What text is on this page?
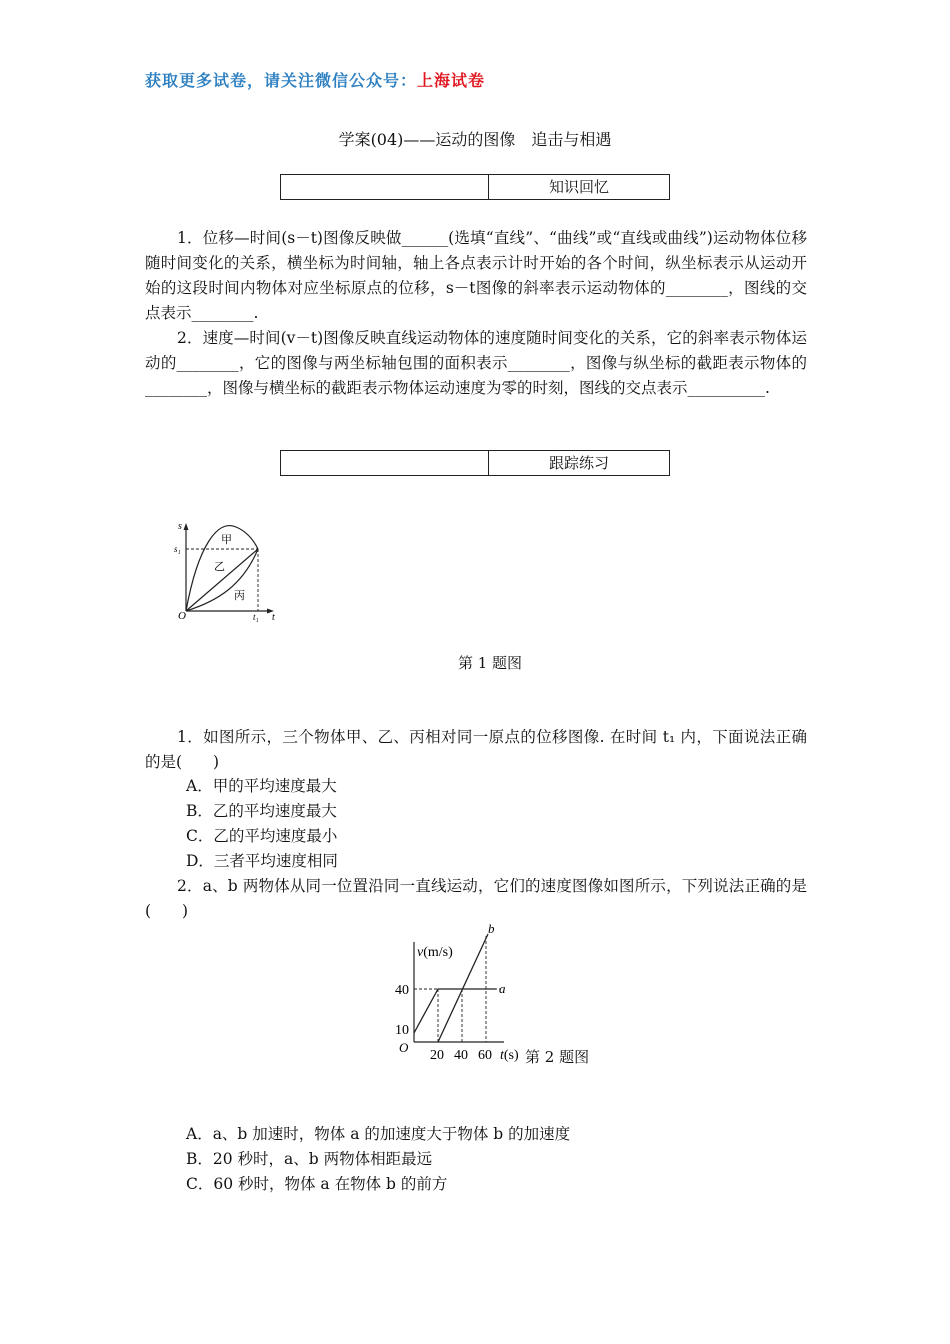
获取更多试卷，请关注微信公众号：上海试卷
学案(04)——运动的图像　追击与相遇
知识回忆
1．位移—时间(s－t)图像反映做______(选填“直线”、“曲线”或“直线或曲线”)运动物体位移随时间变化的关系，横坐标为时间轴，轴上各点表示计时开始的各个时间，纵坐标表示从运动开始的这段时间内物体对应坐标原点的位移，s－t图像的斜率表示运动物体的________，图线的交点表示________.
2．速度—时间(v－t)图像反映直线运动物体的速度随时间变化的关系，它的斜率表示物体运动的________，它的图像与两坐标轴包围的面积表示________，图像与纵坐标的截距表示物体的________，图像与横坐标的截距表示物体运动速度为零的时刻，图线的交点表示__________.
跟踪练习
s
s₁
O	t₁ t
甲
乙
丙
第 1 题图
1．如图所示，三个物体甲、乙、丙相对同一原点的位移图像. 在时间 t₁ 内，下面说法正确的是(　　)
A．甲的平均速度最大
B．乙的平均速度最大
C．乙的平均速度最小
D．三者平均速度相同
2．a、b 两物体从同一位置沿同一直线运动，它们的速度图像如图所示，下列说法正确的是(　　)
v(m/s)
40
10
O
20 40 60 t(s)
a
b
第 2 题图
A．a、b 加速时，物体 a 的加速度大于物体 b 的加速度
B．20 秒时，a、b 两物体相距最远
C．60 秒时，物体 a 在物体 b 的前方
